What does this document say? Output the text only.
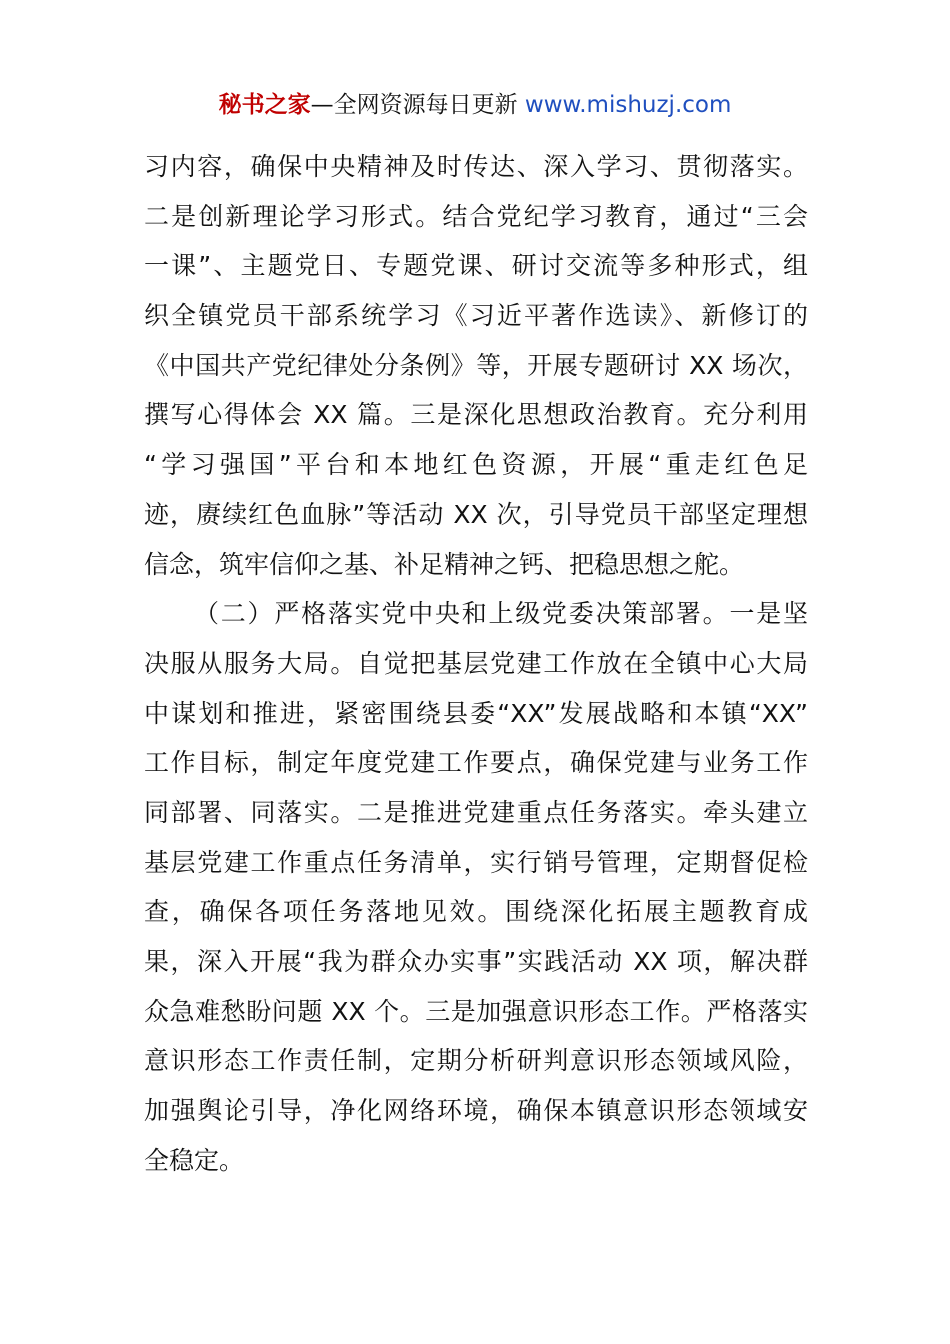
秘书之家—全网资源每日更新 www.mishuzj.com
习内容，确保中央精神及时传达、深入学习、贯彻落实。
二是创新理论学习形式。结合党纪学习教育，通过“三会
一课”、主题党日、专题党课、研讨交流等多种形式，组
织全镇党员干部系统学习《习近平著作选读》、新修订的
《中国共产党纪律处分条例》等，开展专题研讨 XX 场次，
撰写心得体会 XX 篇。三是深化思想政治教育。充分利用
“学习强国”平台和本地红色资源，开展“重走红色足
迹，赓续红色血脉”等活动 XX 次，引导党员干部坚定理想
信念，筑牢信仰之基、补足精神之钙、把稳思想之舵。
（二）严格落实党中央和上级党委决策部署。一是坚
决服从服务大局。自觉把基层党建工作放在全镇中心大局
中谋划和推进，紧密围绕县委“XX”发展战略和本镇“XX”
工作目标，制定年度党建工作要点，确保党建与业务工作
同部署、同落实。二是推进党建重点任务落实。牵头建立
基层党建工作重点任务清单，实行销号管理，定期督促检
查，确保各项任务落地见效。围绕深化拓展主题教育成
果，深入开展“我为群众办实事”实践活动 XX 项，解决群
众急难愁盼问题 XX 个。三是加强意识形态工作。严格落实
意识形态工作责任制，定期分析研判意识形态领域风险，
加强舆论引导，净化网络环境，确保本镇意识形态领域安
全稳定。
